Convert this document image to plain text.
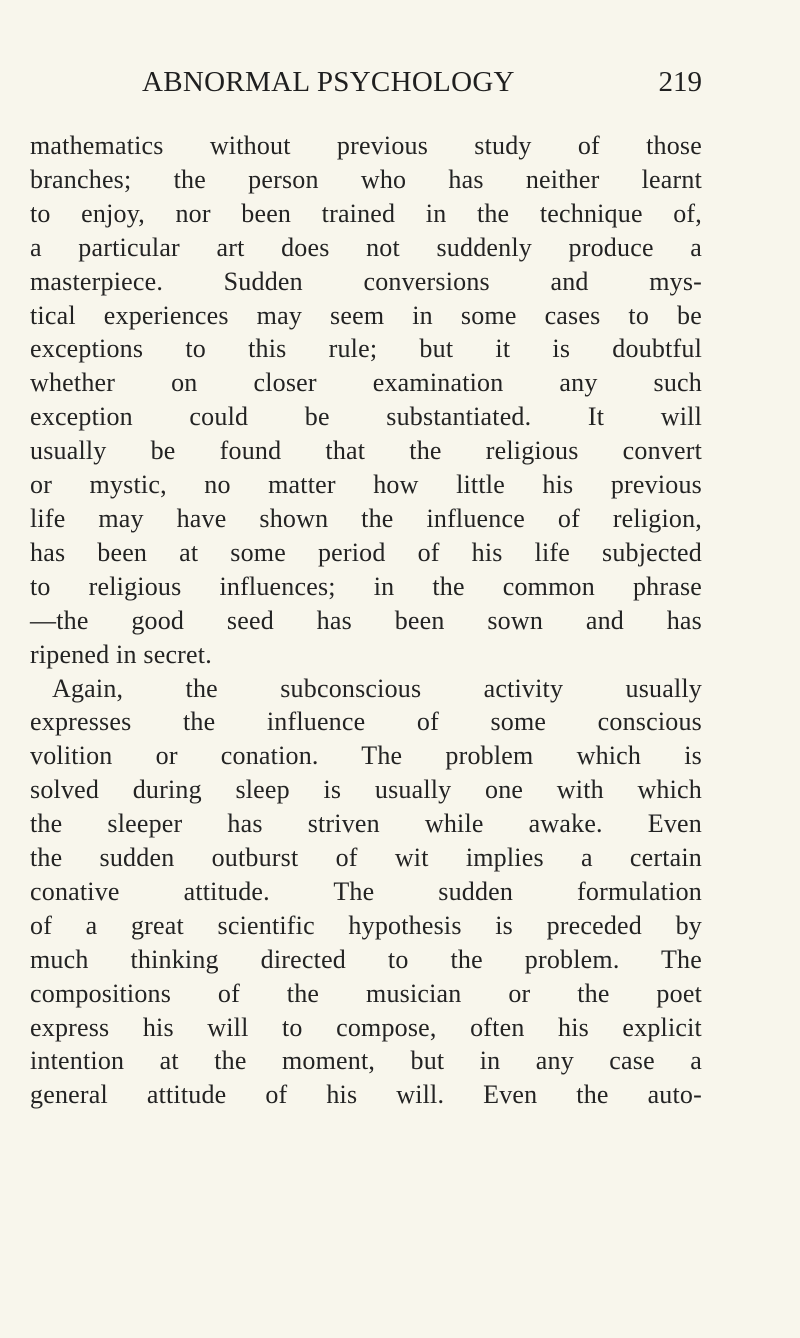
ABNORMAL PSYCHOLOGY	219
mathematics without previous study of those
branches; the person who has neither learnt
to enjoy, nor been trained in the technique of,
a particular art does not suddenly produce a
masterpiece. Sudden conversions and mys-
tical experiences may seem in some cases to be
exceptions to this rule; but it is doubtful
whether on closer examination any such
exception could be substantiated. It will
usually be found that the religious convert
or mystic, no matter how little his previous
life may have shown the influence of religion,
has been at some period of his life subjected
to religious influences; in the common phrase
—the good seed has been sown and has
ripened in secret.
Again, the subconscious activity usually
expresses the influence of some conscious
volition or conation. The problem which is
solved during sleep is usually one with which
the sleeper has striven while awake. Even
the sudden outburst of wit implies a certain
conative attitude. The sudden formulation
of a great scientific hypothesis is preceded by
much thinking directed to the problem. The
compositions of the musician or the poet
express his will to compose, often his explicit
intention at the moment, but in any case a
general attitude of his will. Even the auto-
